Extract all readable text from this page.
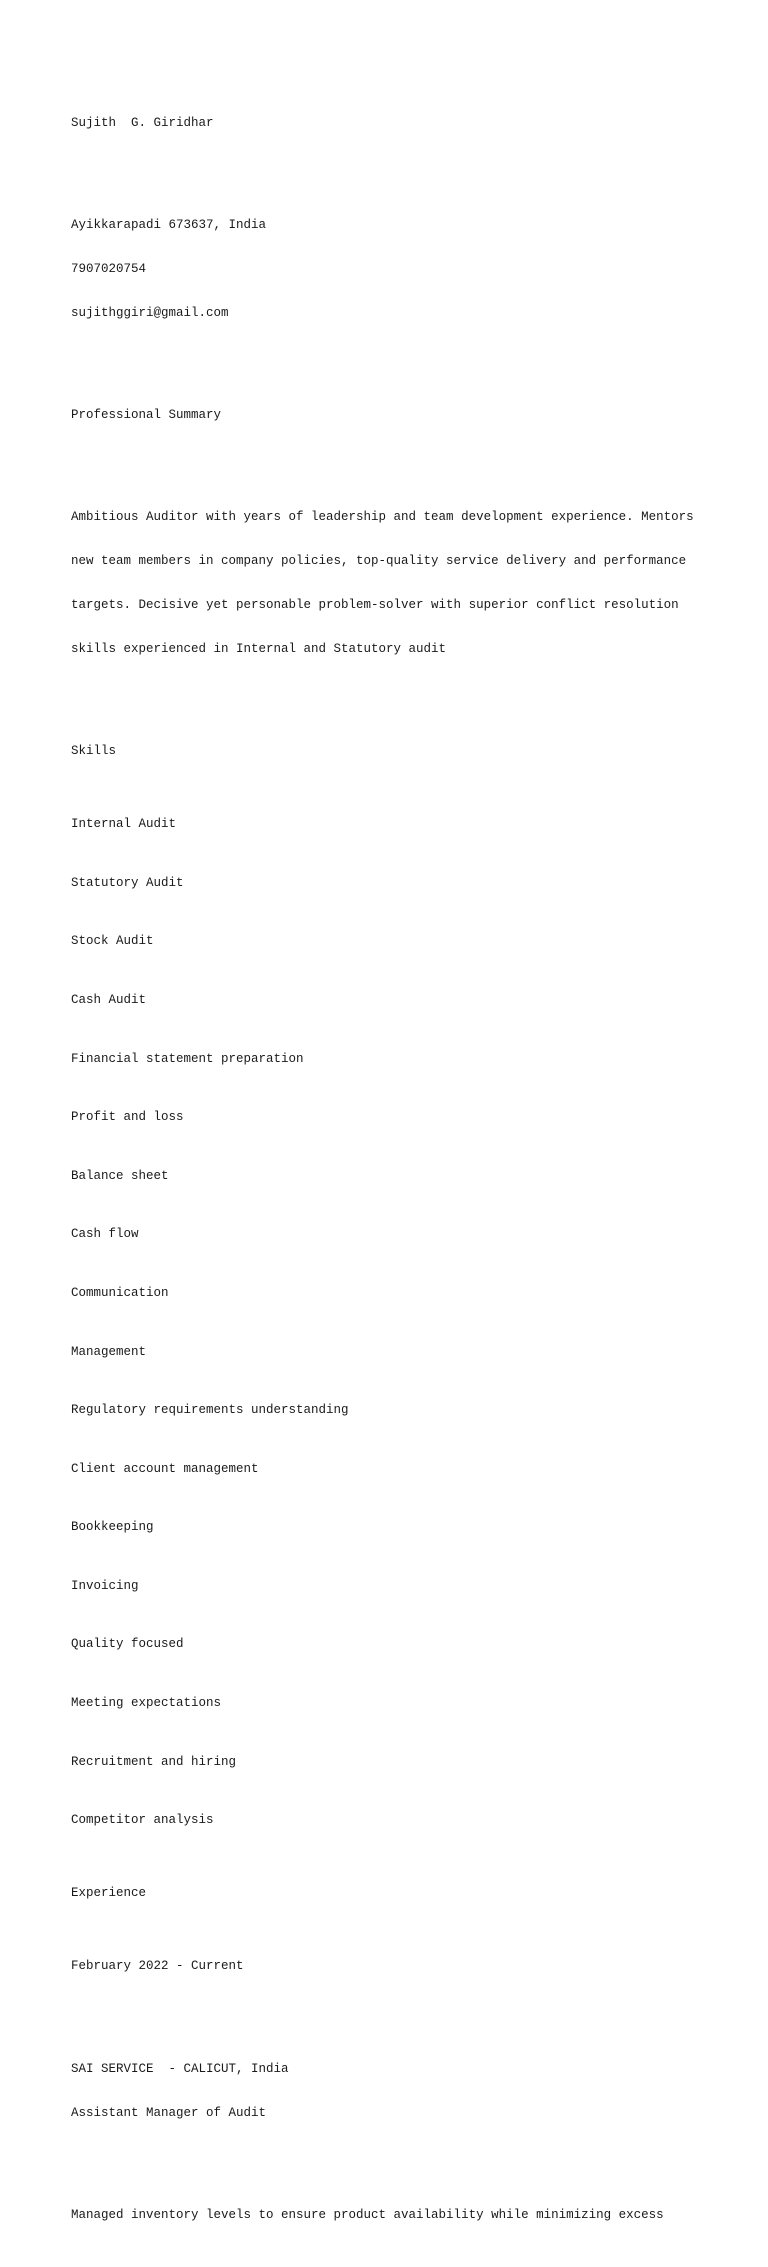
Sujith  G. Giridhar

Ayikkarapadi 673637, India

7907020754

sujithggiri@gmail.com

Professional Summary

Ambitious Auditor with years of leadership and team development experience. Mentors

new team members in company policies, top-quality service delivery and performance

targets. Decisive yet personable problem-solver with superior conflict resolution

skills experienced in Internal and Statutory audit

Skills

Internal Audit

Statutory Audit

Stock Audit

Cash Audit

Financial statement preparation

Profit and loss

Balance sheet

Cash flow

Communication

Management

Regulatory requirements understanding

Client account management

Bookkeeping

Invoicing

Quality focused

Meeting expectations

Recruitment and hiring

Competitor analysis

Experience

February 2022 - Current

SAI SERVICE  - CALICUT, India

Assistant Manager of Audit

Managed inventory levels to ensure product availability while minimizing excess
